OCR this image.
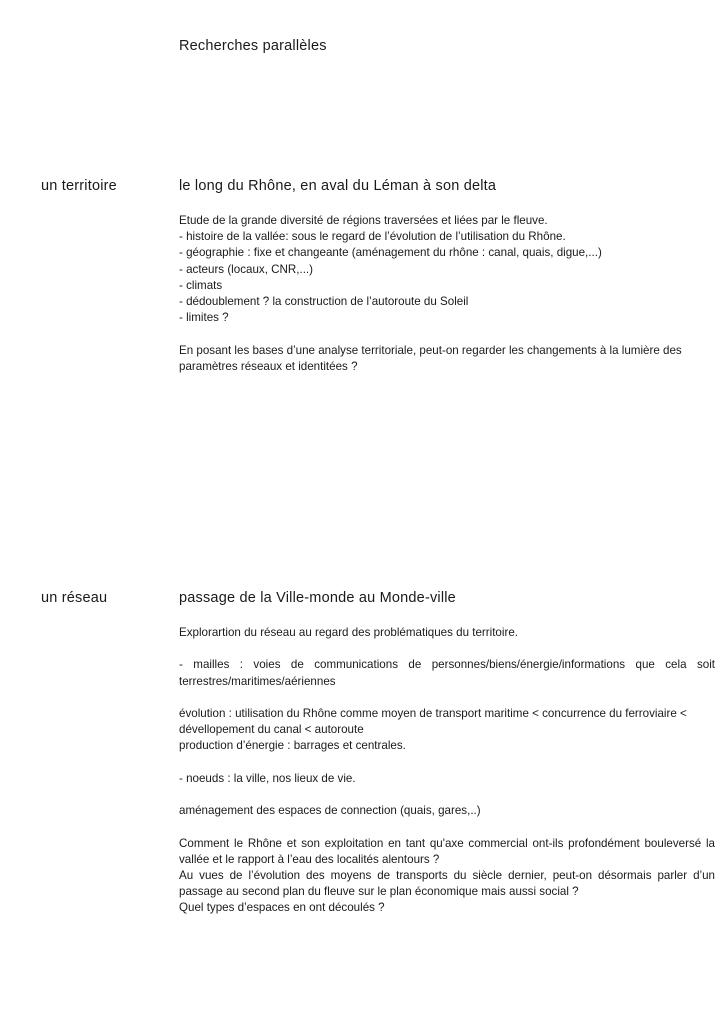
Recherches parallèles
un territoire	le long du Rhône, en aval du Léman à son delta

Etude de la grande diversité de régions traversées et liées par le fleuve.

- histoire de la vallée: sous le regard de l’évolution de l’utilisation du Rhône.

- géographie : fixe et changeante (aménagement du rhône : canal, quais, digue,...)

- acteurs (locaux, CNR,...)

- climats

- dédoublement ? la construction de l’autoroute du Soleil

- limites ?

En posant les bases d’une analyse territoriale, peut-on regarder les changements à la lumière des paramètres réseaux et identitées ?

un réseau	passage de la Ville-monde au Monde-ville

Explorartion du réseau au regard des problématiques du territoire.

- mailles : voies de communications de personnes/biens/énergie/informations que cela soit terrestres/maritimes/aériennes

évolution : utilisation du Rhône comme moyen de transport maritime < concurrence du ferroviaire < dévellopement du canal < autoroute

production d’énergie : barrages et centrales.

- noeuds : la ville, nos lieux de vie.

aménagement des espaces de connection (quais, gares,..)

Comment le Rhône et son exploitation en tant qu'axe commercial ont-ils profondément bouleversé la vallée et le rapport à l’eau des localités alentours ?

Au vues de l’évolution des moyens de transports du siècle dernier, peut-on désormais parler d’un passage au second plan du fleuve sur le plan économique mais aussi social ?

Quel types d’espaces en ont découlés ?
